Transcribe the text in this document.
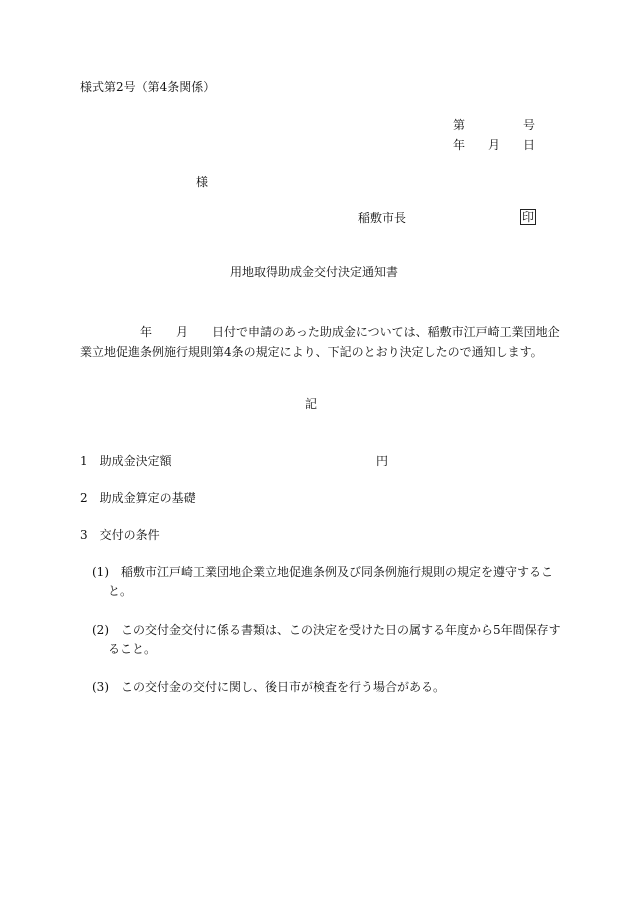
様式第2号（第4条関係）
第	号
年 月 日
様
稲敷市長	印
用地取得助成金交付決定通知書
　　　　　年　　月　　日付で申請のあった助成金については、稲敷市江戸崎工業団地企
業立地促進条例施行規則第4条の規定により、下記のとおり決定したので通知します。
記
1　助成金決定額	円
2　助成金算定の基礎
3　交付の条件
(1)　稲敷市江戸崎工業団地企業立地促進条例及び同条例施行規則の規定を遵守するこ
と。
(2)　この交付金交付に係る書類は、この決定を受けた日の属する年度から5年間保存す
ること。
(3)　この交付金の交付に関し、後日市が検査を行う場合がある。
